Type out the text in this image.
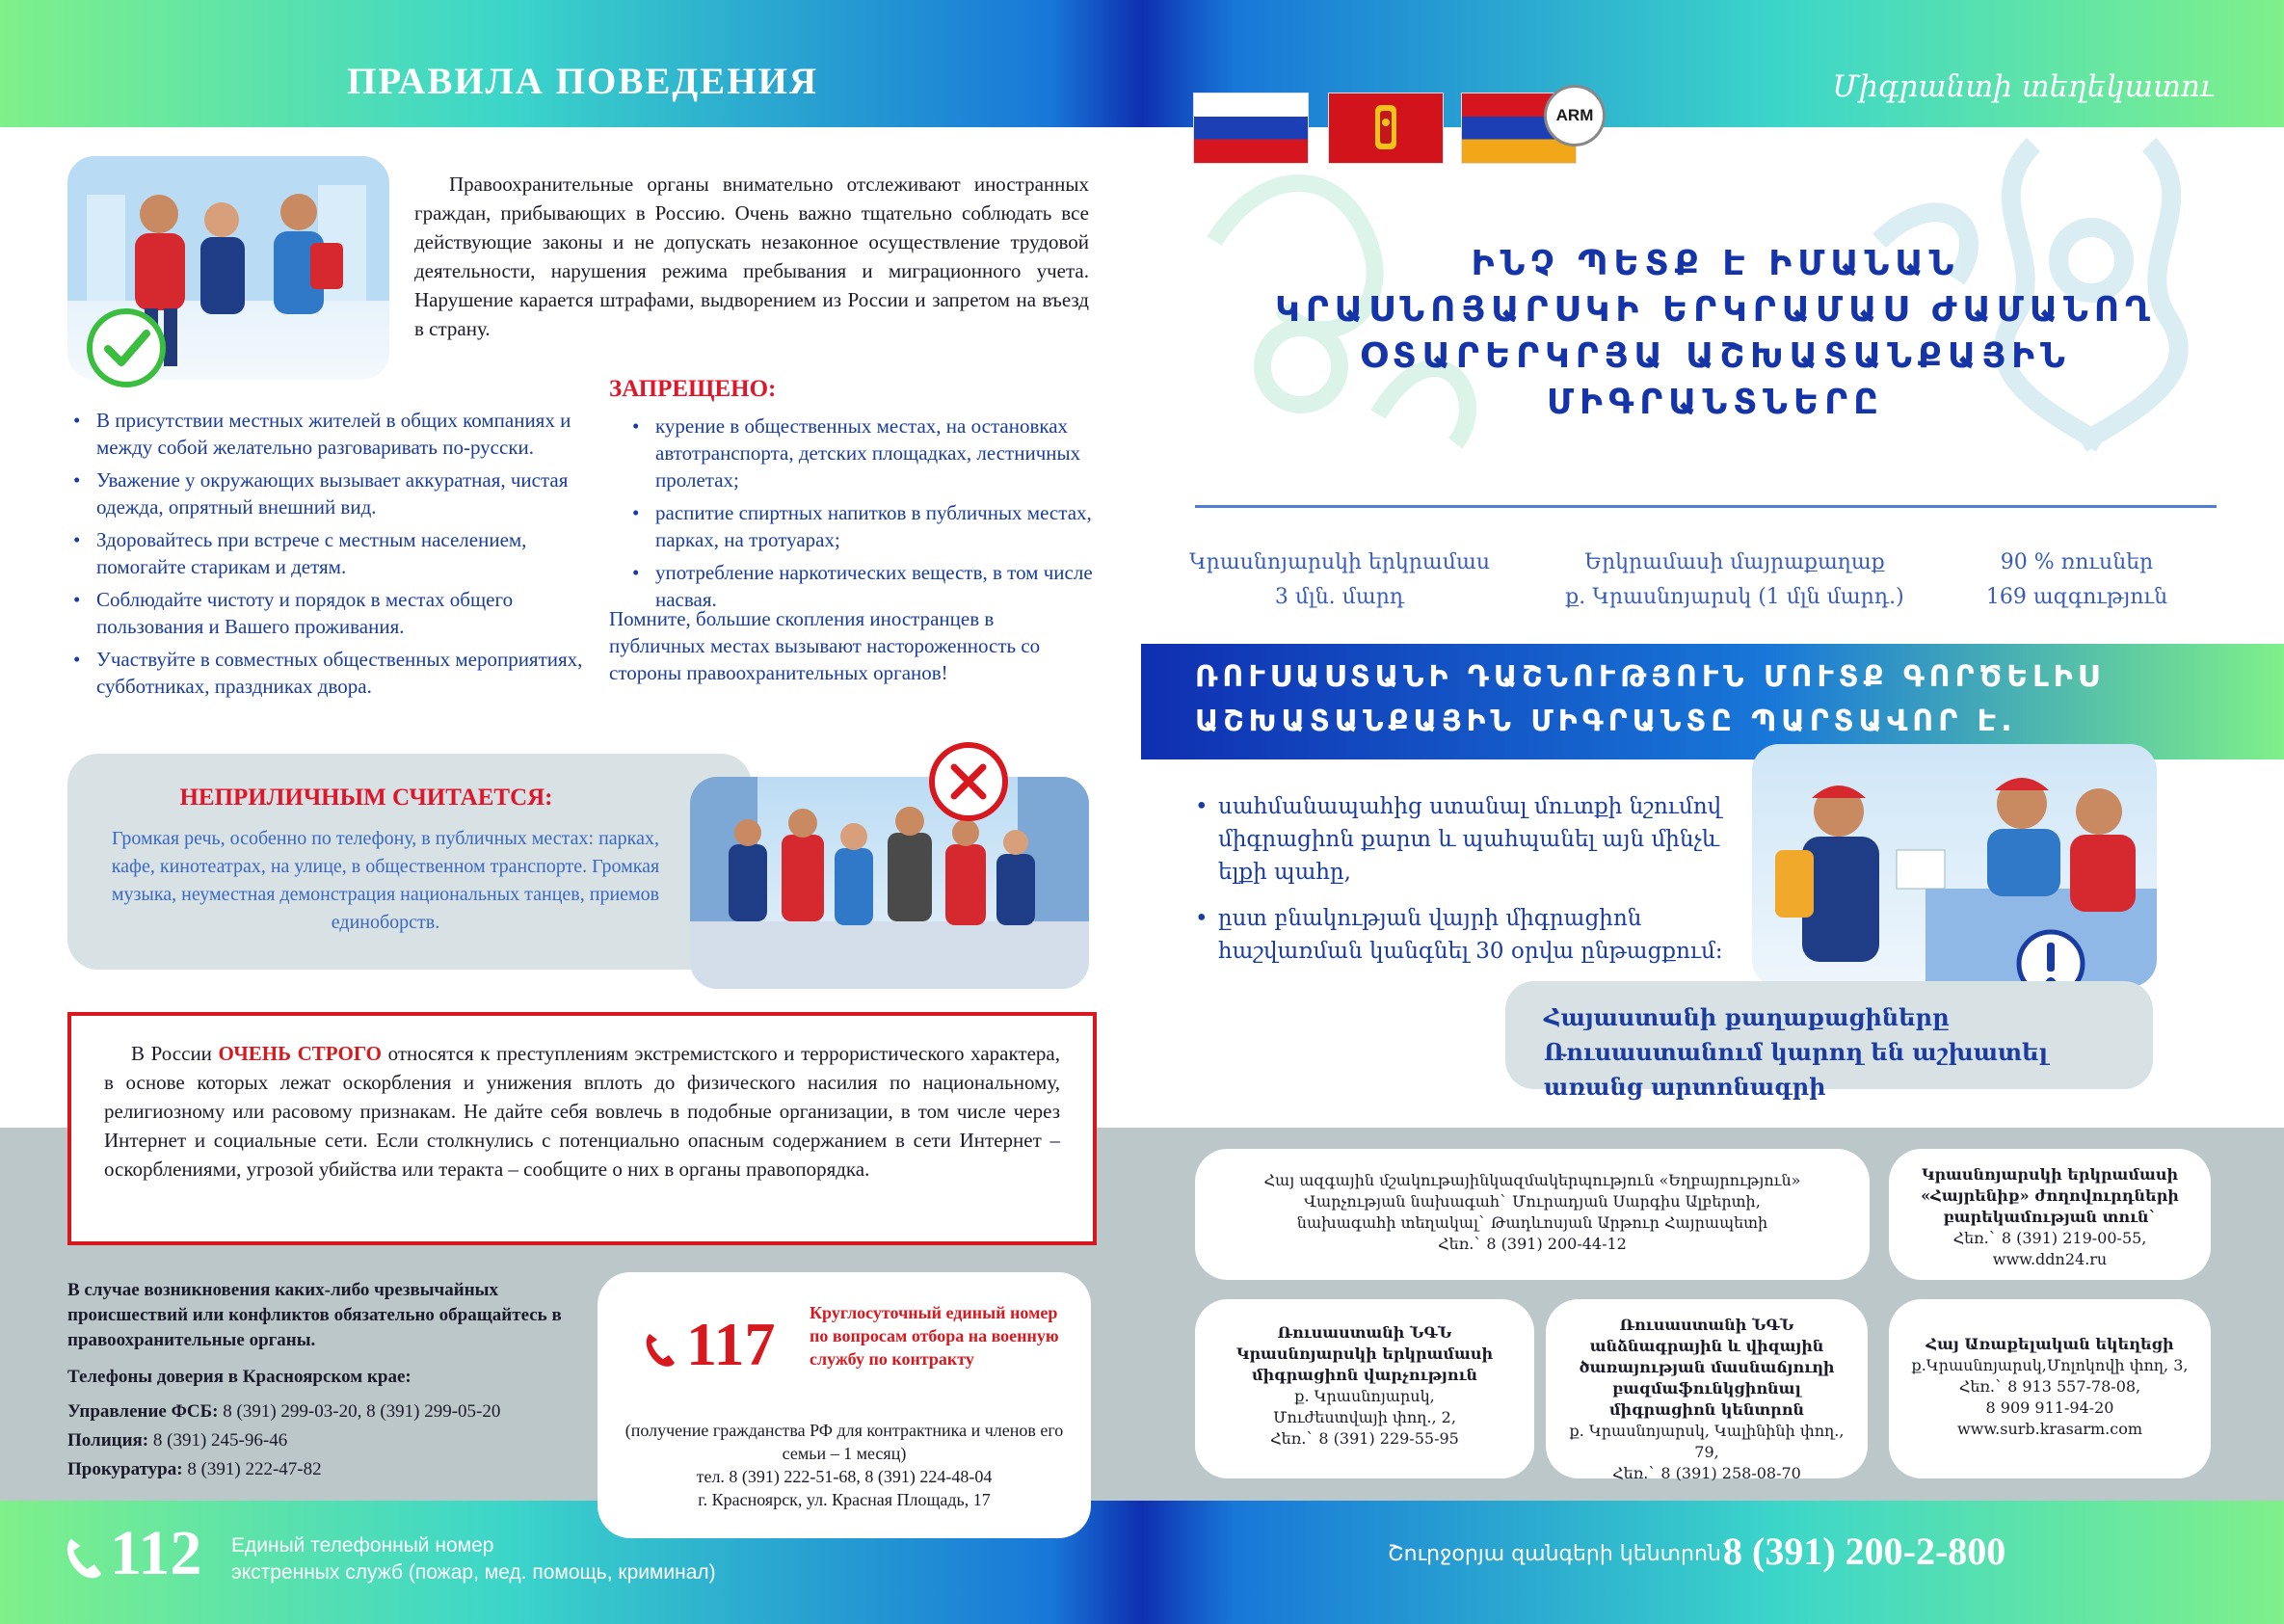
ПРАВИЛА ПОВЕДЕНИЯ	Միգրանտի տեղեկատու
ARM
Правоохранительные органы внимательно отслеживают иностранных граждан, прибывающих в Россию. Очень важно тщательно соблюдать все действующие законы и не допускать незаконное осуществление трудовой деятельности, нарушения режима пребывания и миграционного учета. Нарушение карается штрафами, выдворением из России и запретом на въезд в страну.
• В присутствии местных жителей в общих компаниях и между собой желательно разговаривать по-русски.
• Уважение у окружающих вызывает аккуратная, чистая одежда, опрятный внешний вид.
• Здоровайтесь при встрече с местным населением, помогайте старикам и детям.
• Соблюдайте чистоту и порядок в местах общего пользования и Вашего проживания.
• Участвуйте в совместных общественных мероприятиях, субботниках, праздниках двора.
ЗАПРЕЩЕНО:
• курение в общественных местах, на остановках автотранспорта, детских площадках, лестничных пролетах;
• распитие спиртных напитков в публичных местах, парках, на тротуарах;
• употребление наркотических веществ, в том числе насвая.
Помните, большие скопления иностранцев в публичных местах вызывают настороженность со стороны правоохранительных органов!
НЕПРИЛИЧНЫМ СЧИТАЕТСЯ:
Громкая речь, особенно по телефону, в публичных местах: парках, кафе, кинотеатрах, на улице, в общественном транспорте. Громкая музыка, неуместная демонстрация национальных танцев, приемов единоборств.
В России ОЧЕНЬ СТРОГО относятся к преступлениям экстремистского и террористического характера, в основе которых лежат оскорбления и унижения вплоть до физического насилия по национальному, религиозному или расовому признакам. Не дайте себя вовлечь в подобные организации, в том числе через Интернет и социальные сети. Если столкнулись с потенциально опасным содержанием в сети Интернет – оскорблениями, угрозой убийства или теракта – сообщите о них в органы правопорядка.
В случае возникновения каких-либо чрезвычайных происшествий или конфликтов обязательно обращайтесь в правоохранительные органы.
Телефоны доверия в Красноярском крае:
Управление ФСБ: 8 (391) 299-03-20, 8 (391) 299-05-20
Полиция: 8 (391) 245-96-46
Прокуратура: 8 (391) 222-47-82
117 Круглосуточный единый номер по вопросам отбора на военную службу по контракту
(получение гражданства РФ для контрактника и членов его семьи – 1 месяц)
тел. 8 (391) 222-51-68, 8 (391) 224-48-04
г. Красноярск, ул. Красная Площадь, 17
112 Единый телефонный номер
экстренных служб (пожар, мед. помощь, криминал)
Շուրջօրյա զանգերի կենտրոն`
8 (391) 200-2-800
ԻՆՉ ՊԵՏՔ Է ԻՄԱՆԱՆ
ԿՐԱՍՆՈՅԱՐՍԿԻ ԵՐԿՐԱՄԱՍ ԺԱՄԱՆՈՂ
ՕՏԱՐԵՐԿՐՅԱ ԱՇԽԱՏԱՆՔԱՅԻՆ
ՄԻԳՐԱՆՏՆԵՐԸ
Կրասնոյարսկի երկրամաս
3 մլն. մարդ
Երկրամասի մայրաքաղաք
ք. Կրասնոյարսկ (1 մլն մարդ.)
90 % ռուսներ
169 ազգություն
ՌՈՒՍԱՍՏԱՆԻ ԴԱՇՆՈՒԹՅՈՒՆ ՄՈՒՏՔ ԳՈՐԾԵԼԻՍ
ԱՇԽԱՏԱՆՔԱՅԻՆ ՄԻԳՐԱՆՏԸ ՊԱՐՏԱՎՈՐ Է.
• սահմանապահից ստանալ մուտքի նշումով միգրացիոն քարտ և պահպանել այն մինչև ելքի պահը,
• ըստ բնակության վայրի միգրացիոն հաշվառման կանգնել 30 օրվա ընթացքում:
Հայաստանի քաղաքացիները Ռուսաստանում կարող են աշխատել առանց արտոնագրի
Հայ ազգային մշակութայինկազմակերպություն «Եղբայրություն»
Վարչության նախագահ` Մուրադյան Սարգիս Ալբերտի,
նախագահի տեղակալ` Թադևոսյան Արթուր Հայրապետի
Հեռ.` 8 (391) 200-44-12
Կրասնոյարսկի երկրամասի «Հայրենիք» ժողովուրդների բարեկամության տուն`
Հեռ.` 8 (391) 219-00-55, www.ddn24.ru
Ռուսաստանի ՆԳՆ Կրասնոյարսկի երկրամասի միգրացիոն վարչություն
ք. Կրասնոյարսկ,
Մուժեստվայի փող., 2,
Հեռ.` 8 (391) 229-55-95
Ռուսաստանի ՆԳՆ անձնագրային և վիզային ծառայության մասնաճյուղի բազմաֆունկցիոնալ միգրացիոն կենտրոն
ք. Կրասնոյարսկ, Կալինինի փող., 79,
Հեռ.` 8 (391) 258-08-70
Հայ Առաքելական եկեղեցի
ք.Կրասնոյարսկ,Մոլոկովի փող, 3,
Հեռ.` 8 913 557-78-08,
8 909 911-94-20
www.surb.krasarm.com
